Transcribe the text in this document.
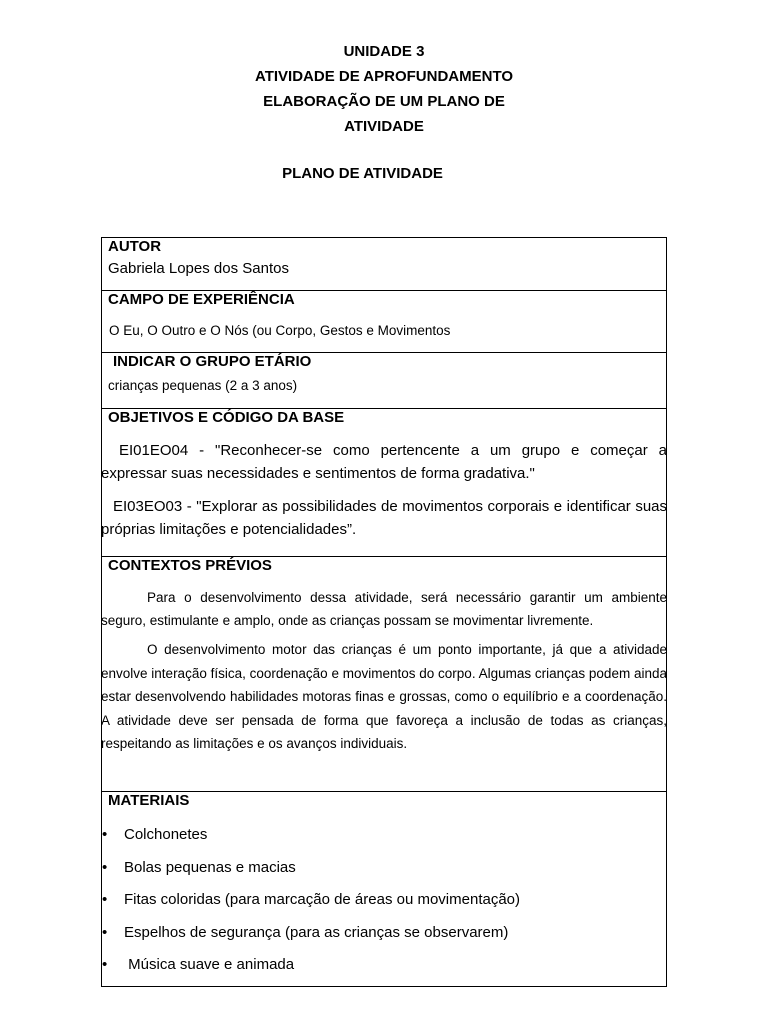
UNIDADE 3
ATIVIDADE DE APROFUNDAMENTO
ELABORAÇÃO DE UM PLANO DE
ATIVIDADE
PLANO DE ATIVIDADE
AUTOR
Gabriela Lopes dos Santos
CAMPO DE EXPERIÊNCIA
O Eu, O Outro e O Nós (ou Corpo, Gestos e Movimentos
INDICAR O GRUPO ETÁRIO
crianças pequenas (2 a 3 anos)
OBJETIVOS E CÓDIGO DA BASE
EI01EO04 - "Reconhecer-se como pertencente a um grupo e começar a expressar suas necessidades e sentimentos de forma gradativa."
EI03EO03 - "Explorar as possibilidades de movimentos corporais e identificar suas próprias limitações e potencialidades”.
CONTEXTOS PRÉVIOS
Para o desenvolvimento dessa atividade, será necessário garantir um ambiente seguro, estimulante e amplo, onde as crianças possam se movimentar livremente.
O desenvolvimento motor das crianças é um ponto importante, já que a atividade envolve interação física, coordenação e movimentos do corpo. Algumas crianças podem ainda estar desenvolvendo habilidades motoras finas e grossas, como o equilíbrio e a coordenação. A atividade deve ser pensada de forma que favoreça a inclusão de todas as crianças, respeitando as limitações e os avanços individuais.
MATERIAIS
• Colchonetes
• Bolas pequenas e macias
• Fitas coloridas (para marcação de áreas ou movimentação)
• Espelhos de segurança (para as crianças se observarem)
• Música suave e animada
